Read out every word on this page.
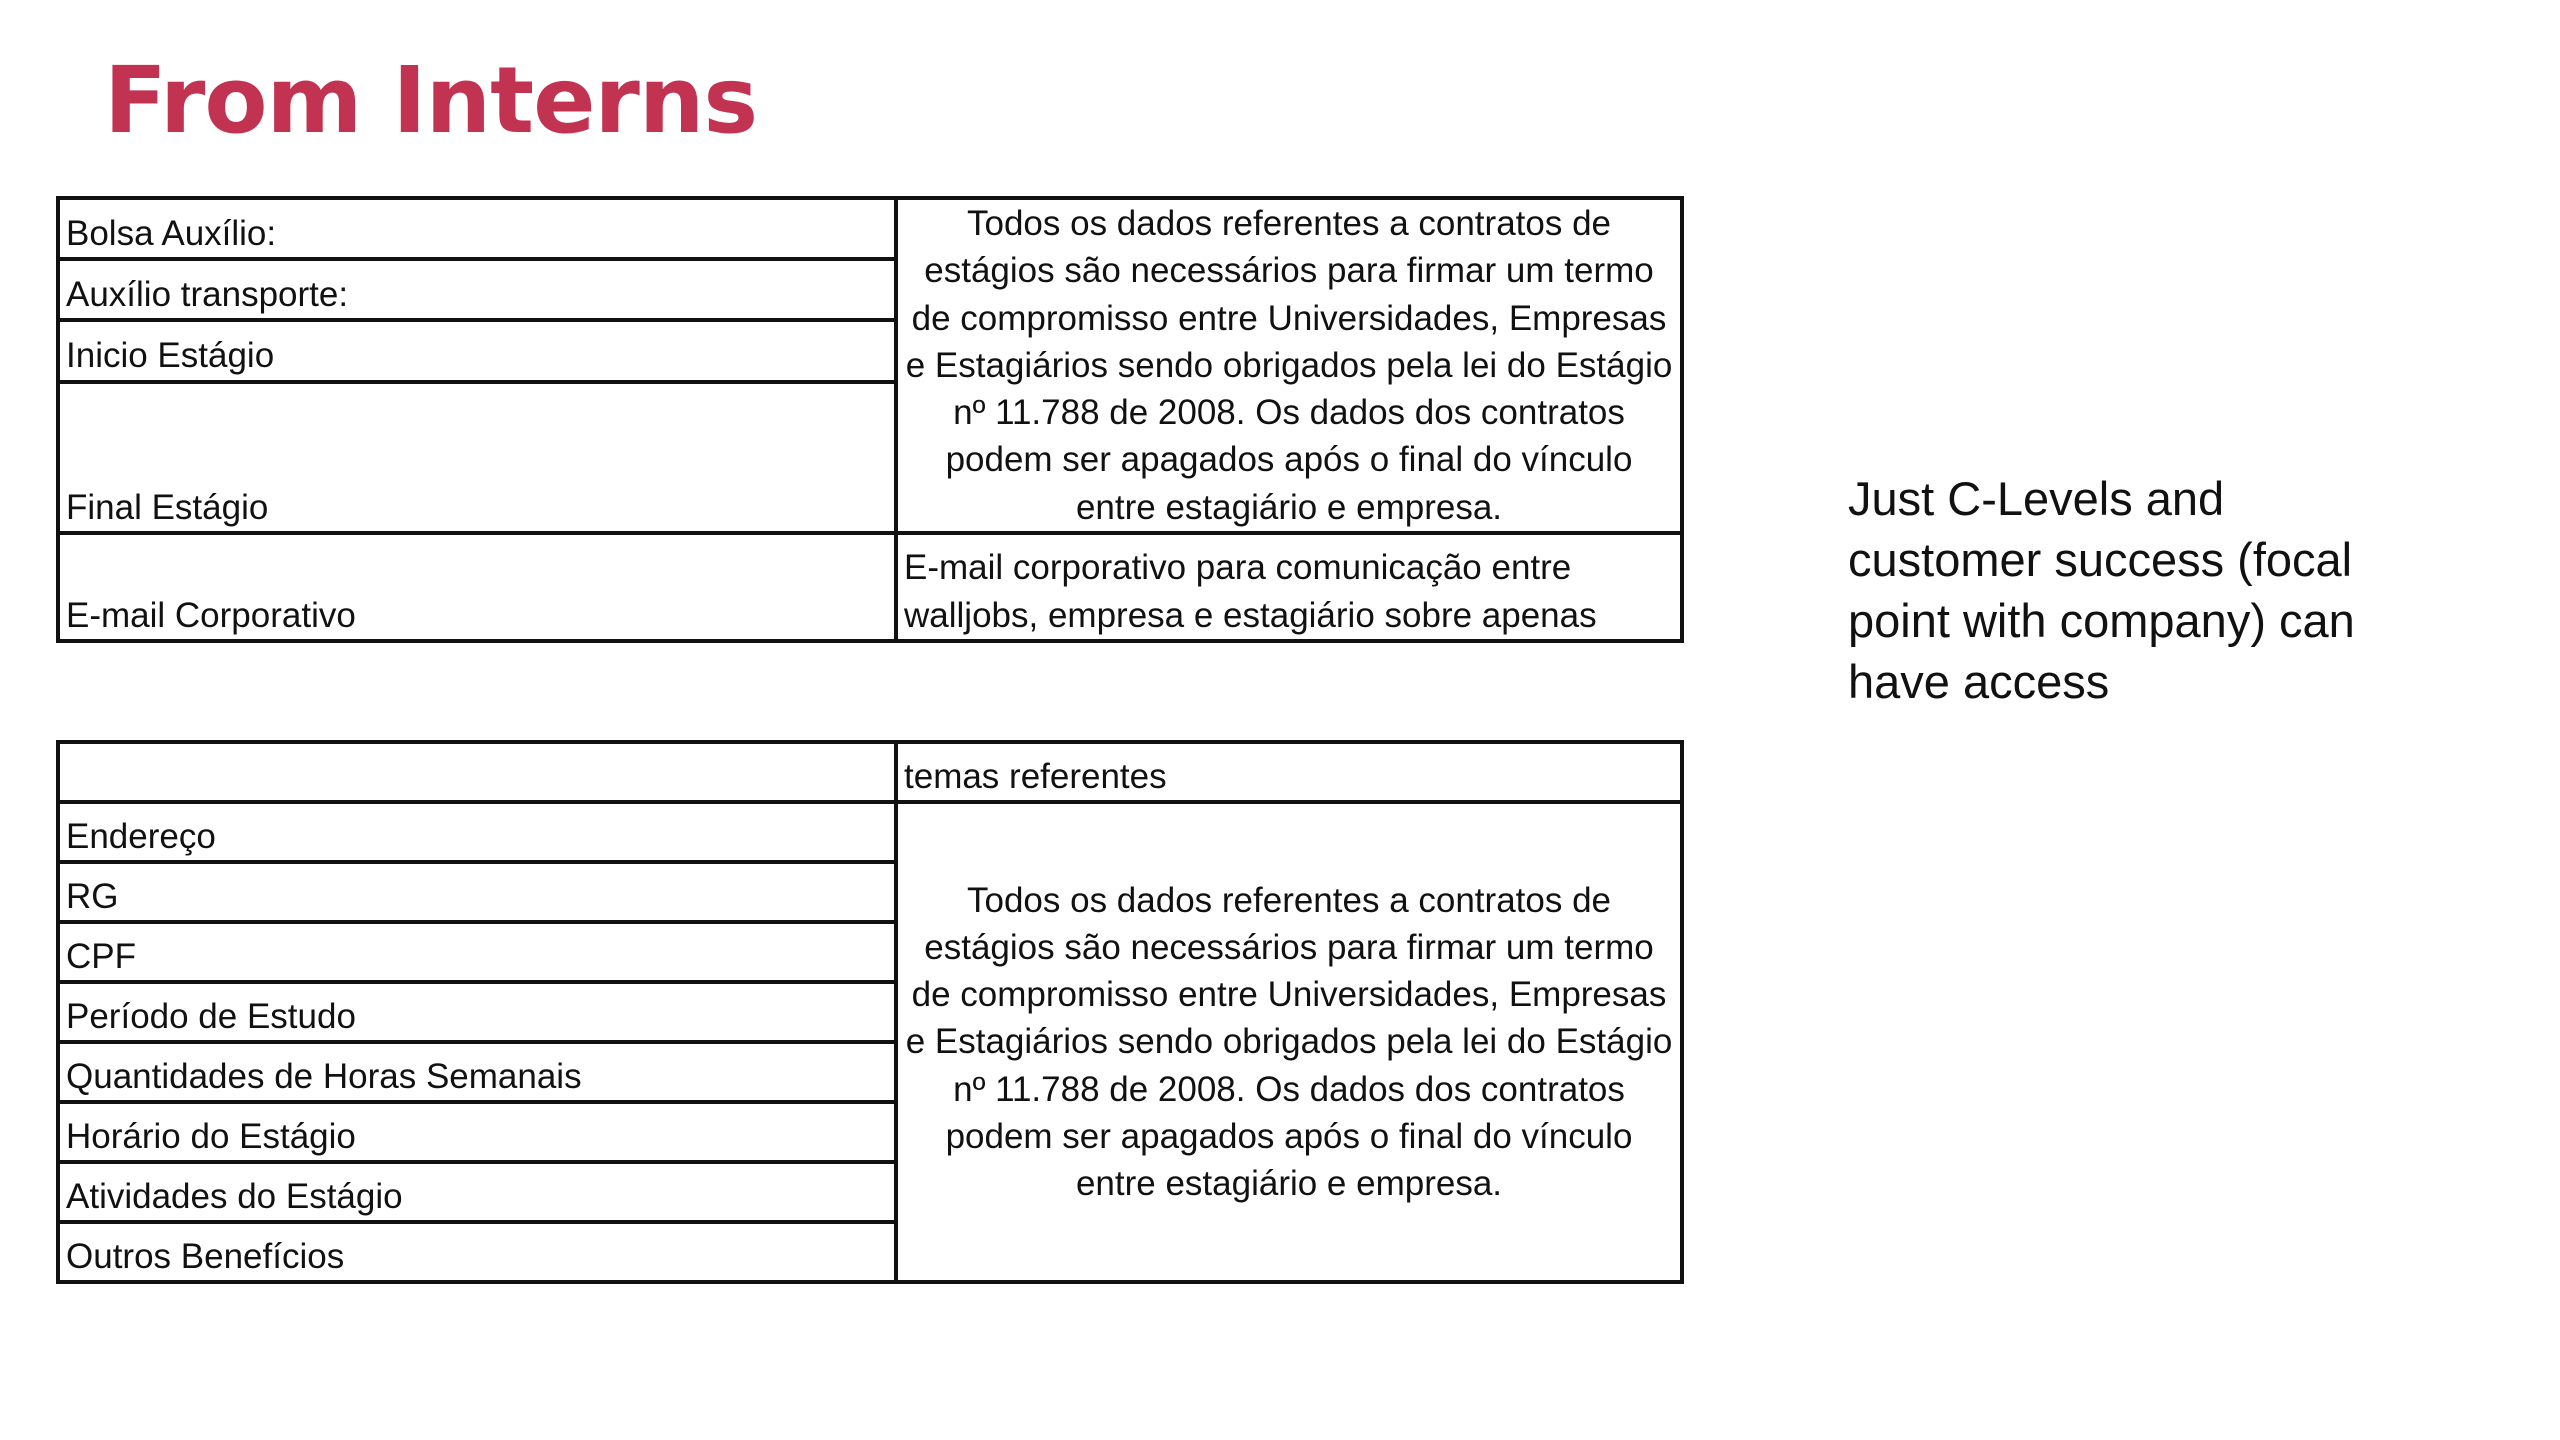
From Interns
Bolsa Auxílio:	Todos os dados referentes a contratos de estágios são necessários para firmar um termo de compromisso entre Universidades, Empresas e Estagiários sendo obrigados pela lei do Estágio nº 11.788 de 2008. Os dados dos contratos podem ser apagados após o final do vínculo entre estagiário e empresa.
Auxílio transporte:	
Inicio Estágio	
Final Estágio	
E-mail Corporativo	E-mail corporativo para comunicação entre walljobs, empresa e estagiário sobre apenas
	temas referentes
Endereço	Todos os dados referentes a contratos de estágios são necessários para firmar um termo de compromisso entre Universidades, Empresas e Estagiários sendo obrigados pela lei do Estágio nº 11.788 de 2008. Os dados dos contratos podem ser apagados após o final do vínculo entre estagiário e empresa.
RG	
CPF	
Período de Estudo	
Quantidades de Horas Semanais	
Horário do Estágio	
Atividades do Estágio	
Outros Benefícios	
Just C-Levels and customer success (focal point with company) can have access
